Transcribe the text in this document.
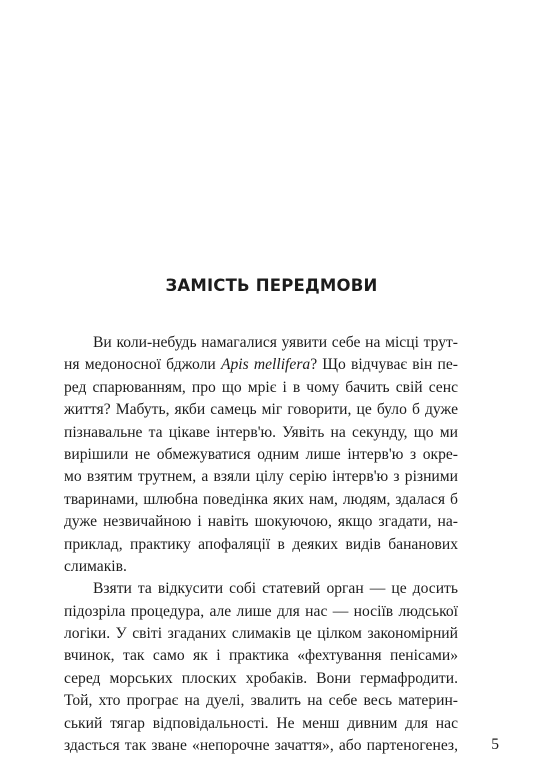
ЗАМІСТЬ ПЕРЕДМОВИ
Ви коли-небудь намагалися уявити себе на місці трут-
ня медоносної бджоли Apis mellifera? Що відчуває він пе-
ред спарюванням, про що мріє і в чому бачить свій сенс
життя? Мабуть, якби самець міг говорити, це було б дуже
пізнавальне та цікаве інтерв'ю. Уявіть на секунду, що ми
вирішили не обмежуватися одним лише інтерв'ю з окре-
мо взятим трутнем, а взяли цілу серію інтерв'ю з різними
тваринами, шлюбна поведінка яких нам, людям, здалася б
дуже незвичайною і навіть шокуючою, якщо згадати, на-
приклад, практику апофаляції в деяких видів бананових
слимаків.
Взяти та відкусити собі статевий орган — це досить
підозріла процедура, але лише для нас — носіїв людської
логіки. У світі згаданих слимаків це цілком закономірний
вчинок, так само як і практика «фехтування пенісами»
серед морських плоских хробаків. Вони гермафродити.
Той, хто програє на дуелі, звалить на себе весь материн-
ський тягар відповідальності. Не менш дивним для нас
здасться так зване «непорочне зачаття», або партеногенез, 5
